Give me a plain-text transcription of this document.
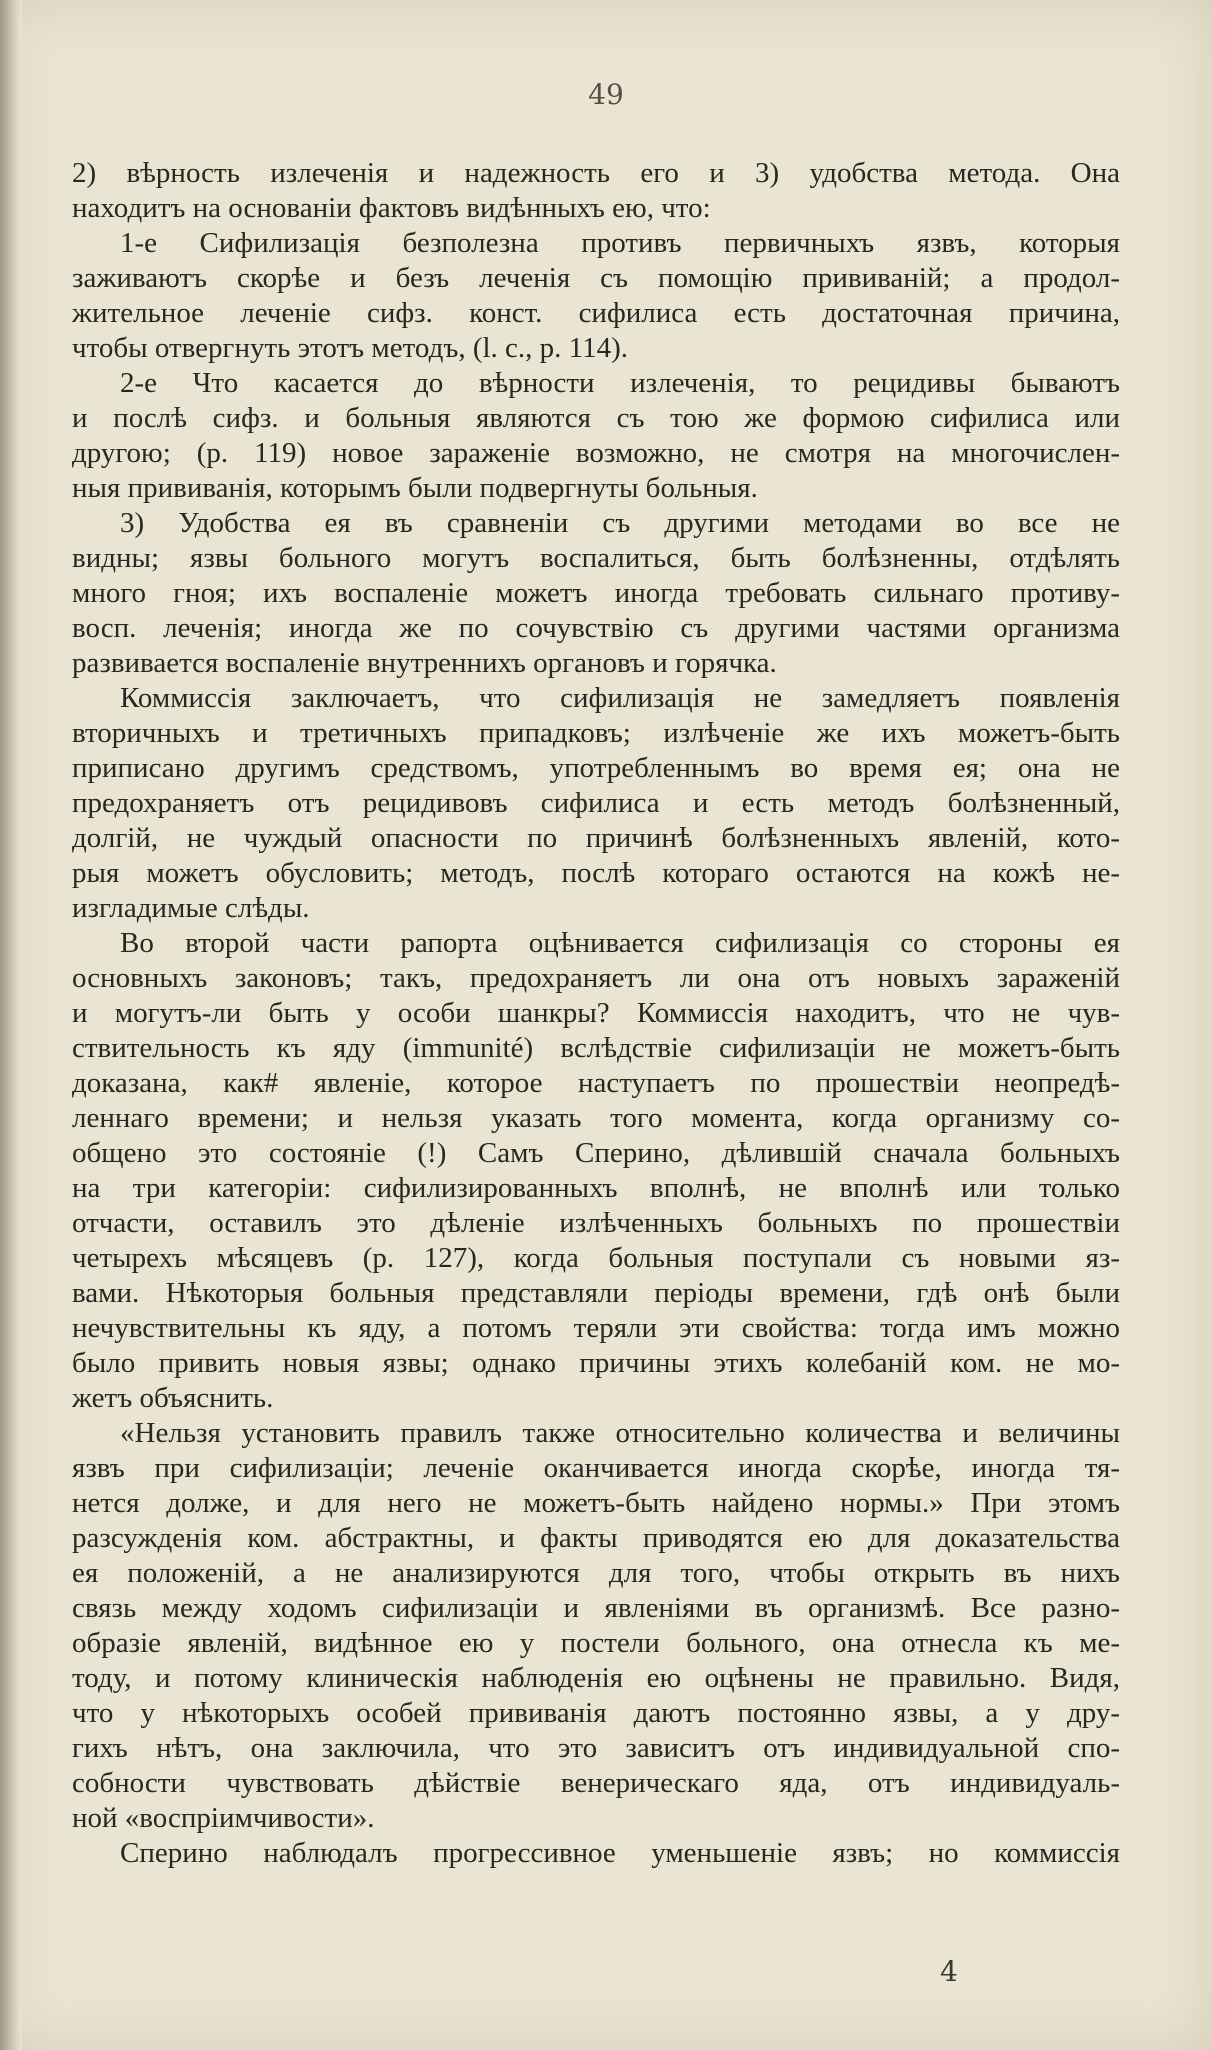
49

2) вѣрность излеченія и надежность его и 3) удобства метода. Она
находитъ на основаніи фактовъ видѣнныхъ ею, что:

1-е Сифилизація безполезна противъ первичныхъ язвъ, которыя
заживаютъ скорѣе и безъ леченія съ помощію прививаній; а продол-
жительное леченіе сифз. конст. сифилиса есть достаточная причина,
чтобы отвергнуть этотъ методъ, (l. с., р. 114).

2-е Что касается до вѣрности излеченія, то рецидивы бываютъ
и послѣ сифз. и больныя являются съ тою же формою сифилиса или
другою; (р. 119) новое зараженіе возможно, не смотря на многочислен-
ныя прививанія, которымъ были подвергнуты больныя.

3) Удобства ея въ сравненіи съ другими методами во все не
видны; язвы больного могутъ воспалиться, быть болѣзненны, отдѣлять
много гноя; ихъ воспаленіе можетъ иногда требовать сильнаго противу-
восп. леченія; иногда же по сочувствію съ другими частями организма
развивается воспаленіе внутреннихъ органовъ и горячка.

Коммиссія заключаетъ, что сифилизація не замедляетъ появленія
вторичныхъ и третичныхъ припадковъ; излѣченіе же ихъ можетъ-быть
приписано другимъ средствомъ, употребленнымъ во время ея; она не
предохраняетъ отъ рецидивовъ сифилиса и есть методъ болѣзненный,
долгій, не чуждый опасности по причинѣ болѣзненныхъ явленій, кото-
рыя можетъ обусловить; методъ, послѣ котораго остаются на кожѣ не-
изгладимые слѣды.

Во второй части рапорта оцѣнивается сифилизація со стороны ея
основныхъ законовъ; такъ, предохраняетъ ли она отъ новыхъ зараженій
и могутъ-ли быть у особи шанкры? Коммиссія находитъ, что не чув-
ствительность къ яду (immunité) вслѣдствіе сифилизаціи не можетъ-быть
доказана, как# явленіе, которое наступаетъ по прошествіи неопредѣ-
леннаго времени; и нельзя указать того момента, когда организму со-
общено это состояніе (!) Самъ Сперино, дѣлившій сначала больныхъ
на три категоріи: сифилизированныхъ вполнѣ, не вполнѣ или только
отчасти, оставилъ это дѣленіе излѣченныхъ больныхъ по прошествіи
четырехъ мѣсяцевъ (р. 127), когда больныя поступали съ новыми яз-
вами. Нѣкоторыя больныя представляли періоды времени, гдѣ онѣ были
нечувствительны къ яду, а потомъ теряли эти свойства: тогда имъ можно
было привить новыя язвы; однако причины этихъ колебаній ком. не мо-
жетъ объяснить.

«Нельзя установить правилъ также относительно количества и величины
язвъ при сифилизаціи; леченіе оканчивается иногда скорѣе, иногда тя-
нется долже, и для него не можетъ-быть найдено нормы.» При этомъ
разсужденія ком. абстрактны, и факты приводятся ею для доказательства
ея положеній, а не анализируются для того, чтобы открыть въ нихъ
связь между ходомъ сифилизаціи и явленіями въ организмѣ. Все разно-
образіе явленій, видѣнное ею у постели больного, она отнесла къ ме-
тоду, и потому клиническія наблюденія ею оцѣнены не правильно. Видя,
что у нѣкоторыхъ особей прививанія даютъ постоянно язвы, а у дру-
гихъ нѣтъ, она заключила, что это зависитъ отъ индивидуальной спо-
собности чувствовать дѣйствіе венерическаго яда, отъ индивидуаль-
ной «воспріимчивости».

Сперино наблюдалъ прогрессивное уменьшеніе язвъ; но коммиссія

4
